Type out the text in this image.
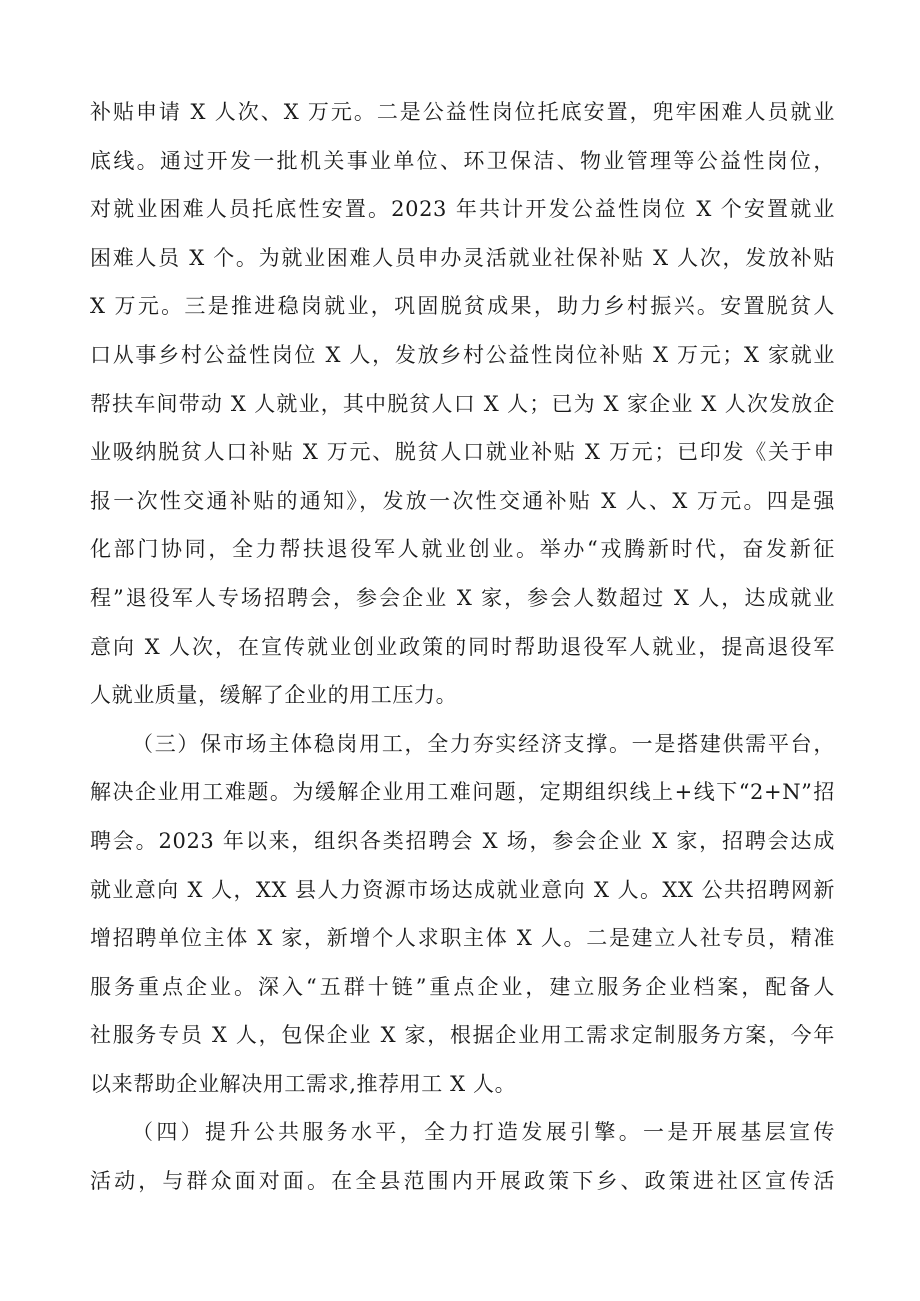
补贴申请 X 人次、X 万元。二是公益性岗位托底安置，兜牢困难人员就业
底线。通过开发一批机关事业单位、环卫保洁、物业管理等公益性岗位，
对就业困难人员托底性安置。2023 年共计开发公益性岗位 X 个安置就业
困难人员 X 个。为就业困难人员申办灵活就业社保补贴 X 人次，发放补贴
X 万元。三是推进稳岗就业，巩固脱贫成果，助力乡村振兴。安置脱贫人
口从事乡村公益性岗位 X 人，发放乡村公益性岗位补贴 X 万元；X 家就业
帮扶车间带动 X 人就业，其中脱贫人口 X 人；已为 X 家企业 X 人次发放企
业吸纳脱贫人口补贴 X 万元、脱贫人口就业补贴 X 万元；已印发《关于申
报一次性交通补贴的通知》，发放一次性交通补贴 X 人、X 万元。四是强
化部门协同，全力帮扶退役军人就业创业。举办“戎腾新时代，奋发新征
程”退役军人专场招聘会，参会企业 X 家，参会人数超过 X 人，达成就业
意向 X 人次，在宣传就业创业政策的同时帮助退役军人就业，提高退役军
人就业质量，缓解了企业的用工压力。
（三）保市场主体稳岗用工，全力夯实经济支撑。一是搭建供需平台，
解决企业用工难题。为缓解企业用工难问题，定期组织线上+线下“2+N”招
聘会。2023 年以来，组织各类招聘会 X 场，参会企业 X 家，招聘会达成
就业意向 X 人，XX 县人力资源市场达成就业意向 X 人。XX 公共招聘网新
增招聘单位主体 X 家，新增个人求职主体 X 人。二是建立人社专员，精准
服务重点企业。深入“五群十链”重点企业，建立服务企业档案，配备人
社服务专员 X 人，包保企业 X 家，根据企业用工需求定制服务方案，今年
以来帮助企业解决用工需求,推荐用工 X 人。
（四）提升公共服务水平，全力打造发展引擎。一是开展基层宣传
活动，与群众面对面。在全县范围内开展政策下乡、政策进社区宣传活
